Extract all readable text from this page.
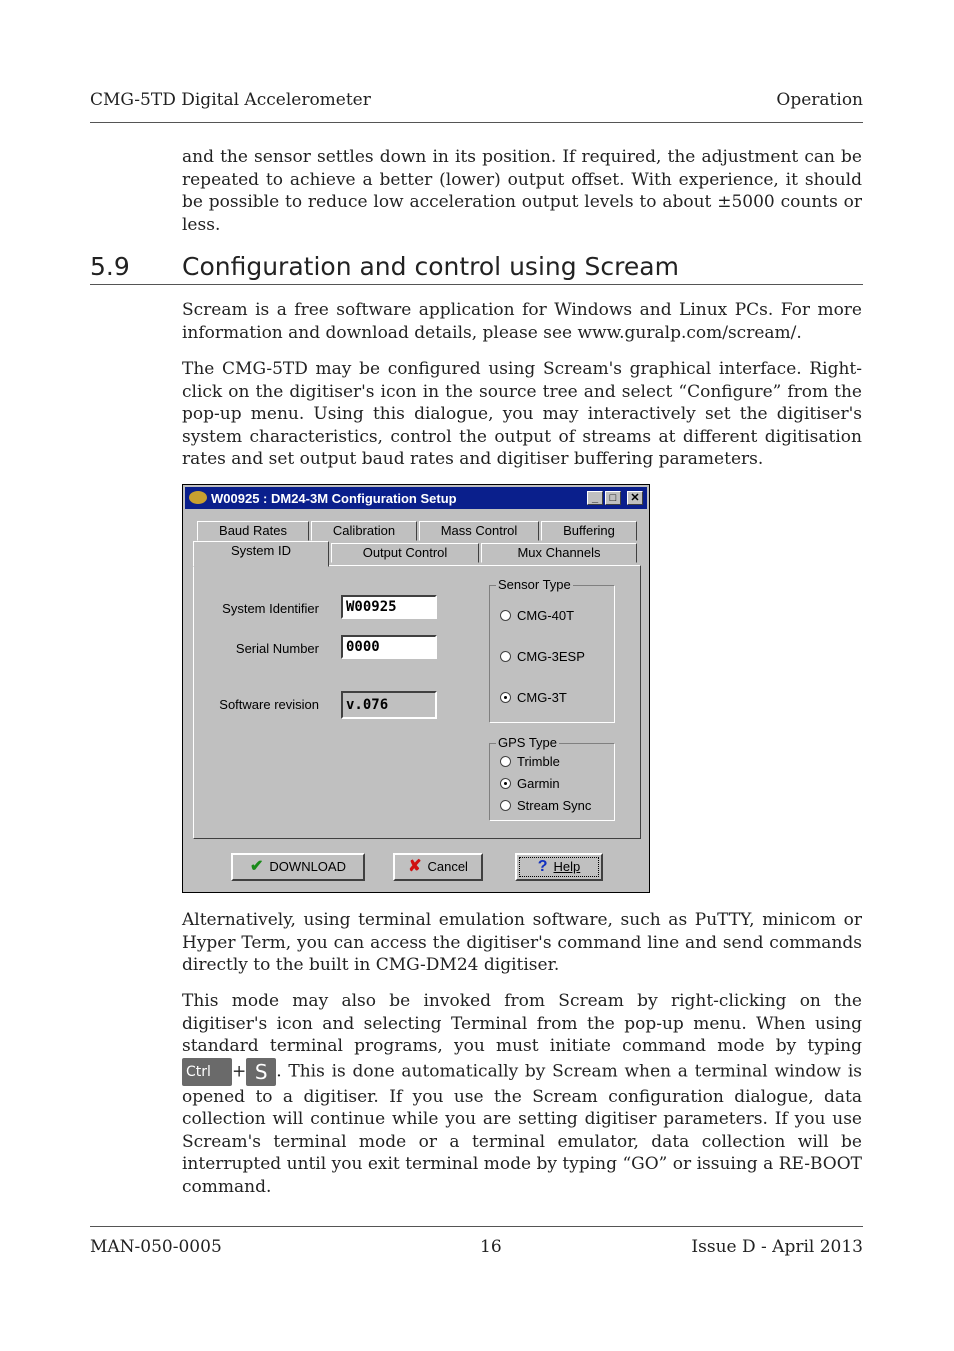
CMG-5TD Digital Accelerometer	Operation

and the sensor settles down in its position. If required, the adjustment can be repeated to achieve a better (lower) output offset. With experience, it should be possible to reduce low acceleration output levels to about ±5000 counts or less.

5.9 Configuration and control using Scream

Scream is a free software application for Windows and Linux PCs. For more information and download details, please see www.guralp.com/scream/.

The CMG-5TD may be configured using Scream's graphical interface. Right-click on the digitiser's icon in the source tree and select “Configure” from the pop-up menu. Using this dialogue, you may interactively set the digitiser's system characteristics, control the output of streams at different digitisation rates and set output baud rates and digitiser buffering parameters.

W00925 : DM24-3M Configuration Setup	_	□	✕
Baud Rates	Calibration	Mass Control	Buffering
System ID	Output Control	Mux Channels
System Identifier	W00925
Serial Number	0000
Software revision	v.076
Sensor Type
CMG-40T
CMG-3ESP
CMG-3T
GPS Type
Trimble
Garmin
Stream Sync
✔ DOWNLOAD	✘ Cancel	? Help

Alternatively, using terminal emulation software, such as PuTTY, minicom or Hyper Term, you can access the digitiser's command line and send commands directly to the built in CMG-DM24 digitiser.

This mode may also be invoked from Scream by right-clicking on the digitiser's icon and selecting Terminal from the pop-up menu. When using standard terminal programs, you must initiate command mode by typing Ctrl + S . This is done automatically by Scream when a terminal window is opened to a digitiser. If you use the Scream configuration dialogue, data collection will continue while you are setting digitiser parameters. If you use Scream's terminal mode or a terminal emulator, data collection will be interrupted until you exit terminal mode by typing “GO” or issuing a RE-BOOT command.

MAN-050-0005	16	Issue D - April 2013
